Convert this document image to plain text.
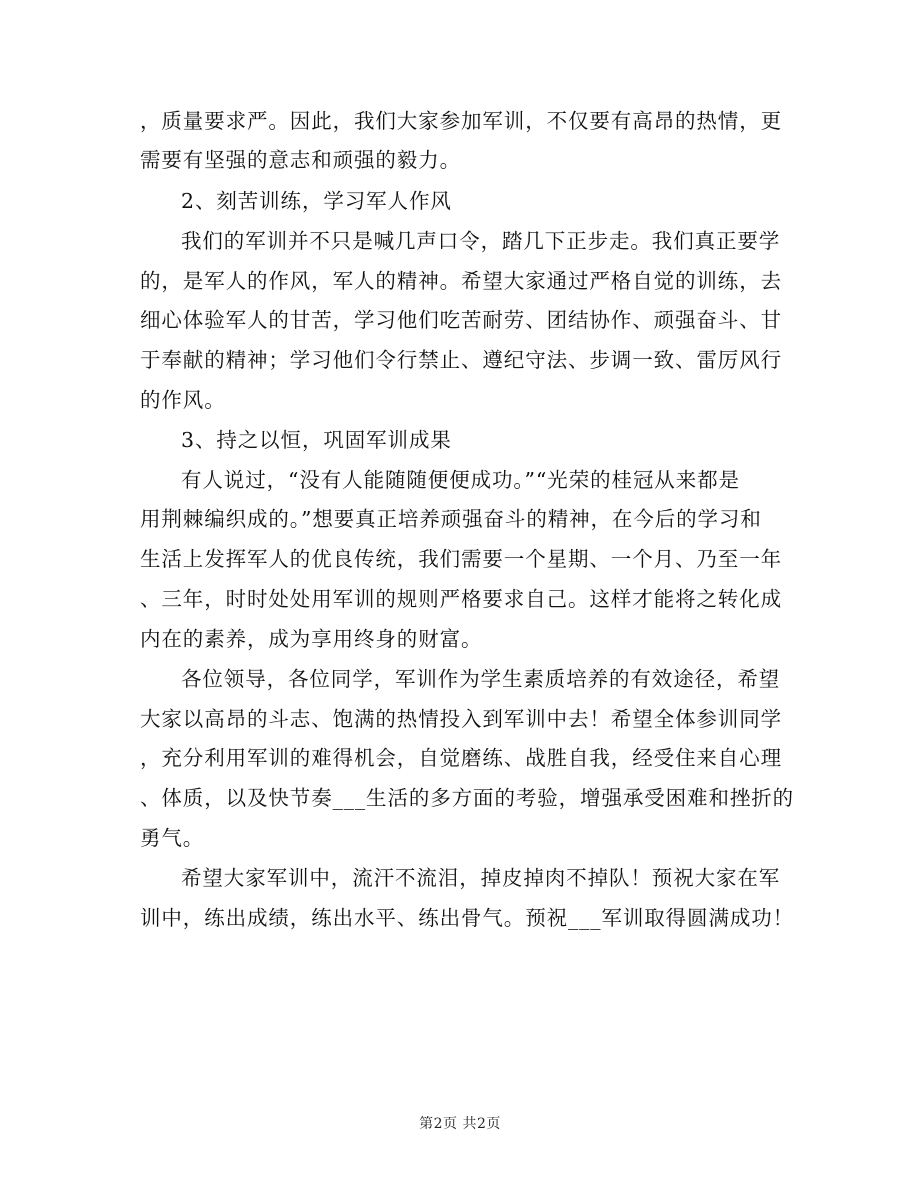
，质量要求严。因此，我们大家参加军训，不仅要有高昂的热情，更
需要有坚强的意志和顽强的毅力。
2、刻苦训练，学习军人作风
我们的军训并不只是喊几声口令，踏几下正步走。我们真正要学
的，是军人的作风，军人的精神。希望大家通过严格自觉的训练，去
细心体验军人的甘苦，学习他们吃苦耐劳、团结协作、顽强奋斗、甘
于奉献的精神；学习他们令行禁止、遵纪守法、步调一致、雷厉风行
的作风。
3、持之以恒，巩固军训成果
有人说过，“没有人能随随便便成功。”“光荣的桂冠从来都是
用荆棘编织成的。”想要真正培养顽强奋斗的精神，在今后的学习和
生活上发挥军人的优良传统，我们需要一个星期、一个月、乃至一年
、三年，时时处处用军训的规则严格要求自己。这样才能将之转化成
内在的素养，成为享用终身的财富。
各位领导，各位同学，军训作为学生素质培养的有效途径，希望
大家以高昂的斗志、饱满的热情投入到军训中去！希望全体参训同学
，充分利用军训的难得机会，自觉磨练、战胜自我，经受住来自心理
、体质，以及快节奏___生活的多方面的考验，增强承受困难和挫折的
勇气。
希望大家军训中，流汗不流泪，掉皮掉肉不掉队！预祝大家在军
训中，练出成绩，练出水平、练出骨气。预祝___军训取得圆满成功！
第2页 共2页
